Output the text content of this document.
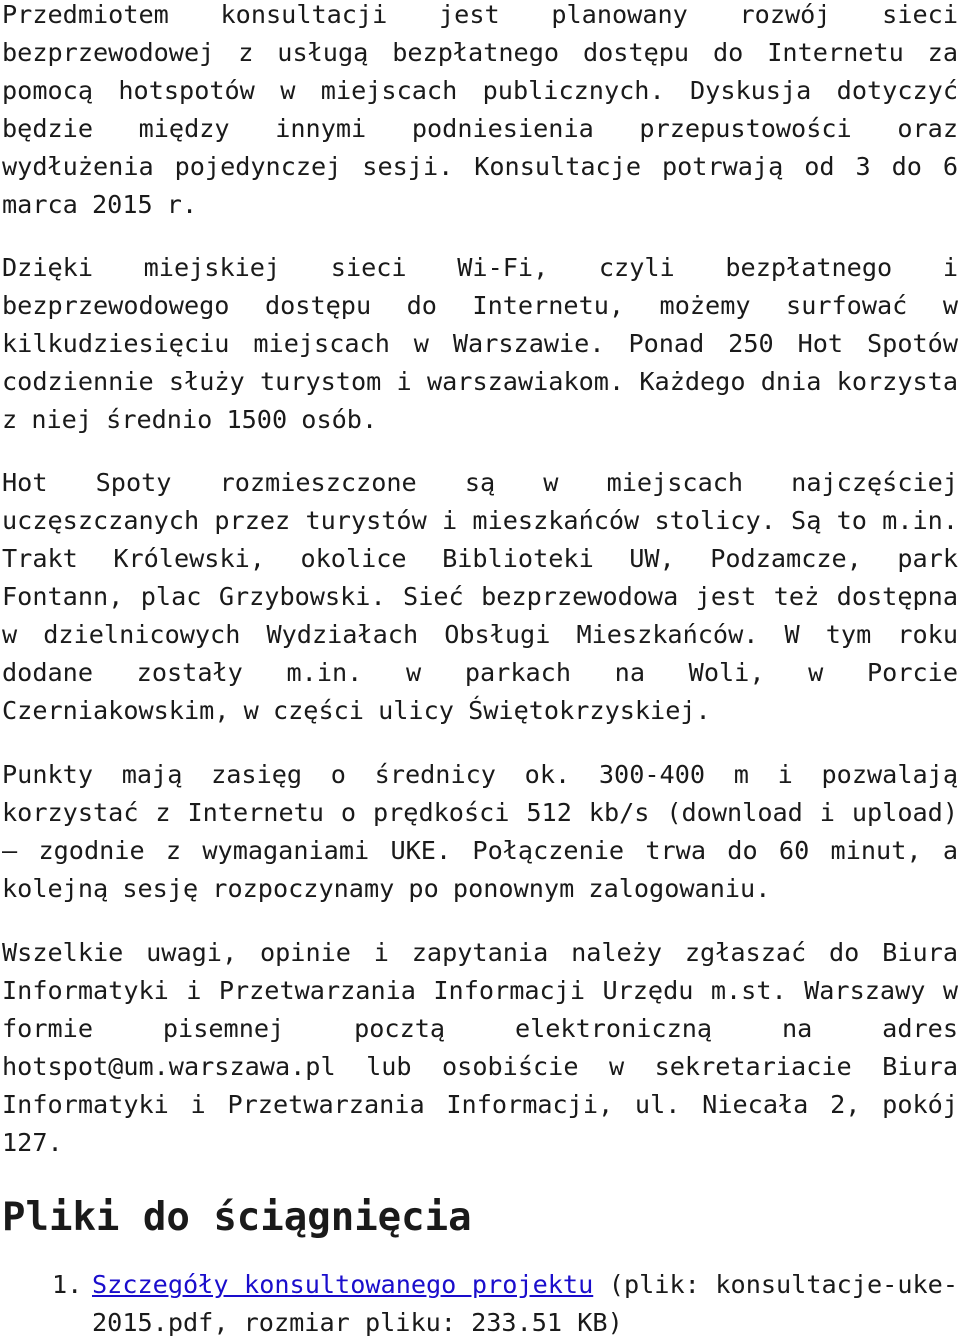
Przedmiotem konsultacji jest planowany rozwój sieci bezprzewodowej z usługą bezpłatnego dostępu do Internetu za pomocą hotspotów w miejscach publicznych. Dyskusja dotyczyć będzie między innymi podniesienia przepustowości oraz wydłużenia pojedynczej sesji. Konsultacje potrwają od 3 do 6 marca 2015 r.

Dzięki miejskiej sieci Wi-Fi, czyli bezpłatnego i bezprzewodowego dostępu do Internetu, możemy surfować w kilkudziesięciu miejscach w Warszawie. Ponad 250 Hot Spotów codziennie służy turystom i warszawiakom. Każdego dnia korzysta z niej średnio 1500 osób.

Hot Spoty rozmieszczone są w miejscach najczęściej uczęszczanych przez turystów i mieszkańców stolicy. Są to m.in. Trakt Królewski, okolice Biblioteki UW, Podzamcze, park Fontann, plac Grzybowski. Sieć bezprzewodowa jest też dostępna w dzielnicowych Wydziałach Obsługi Mieszkańców. W tym roku dodane zostały m.in. w parkach na Woli, w Porcie Czerniakowskim, w części ulicy Świętokrzyskiej.

Punkty mają zasięg o średnicy ok. 300-400 m i pozwalają korzystać z Internetu o prędkości 512 kb/s (download i upload) – zgodnie z wymaganiami UKE. Połączenie trwa do 60 minut, a kolejną sesję rozpoczynamy po ponownym zalogowaniu.

Wszelkie uwagi, opinie i zapytania należy zgłaszać do Biura Informatyki i Przetwarzania Informacji Urzędu m.st. Warszawy w formie pisemnej pocztą elektroniczną na adres hotspot@um.warszawa.pl lub osobiście w sekretariacie Biura Informatyki i Przetwarzania Informacji, ul. Niecała 2, pokój 127.

Pliki do ściągnięcia
1. Szczegóły konsultowanego projektu (plik: konsultacje-uke-2015.pdf, rozmiar pliku: 233.51 KB)
